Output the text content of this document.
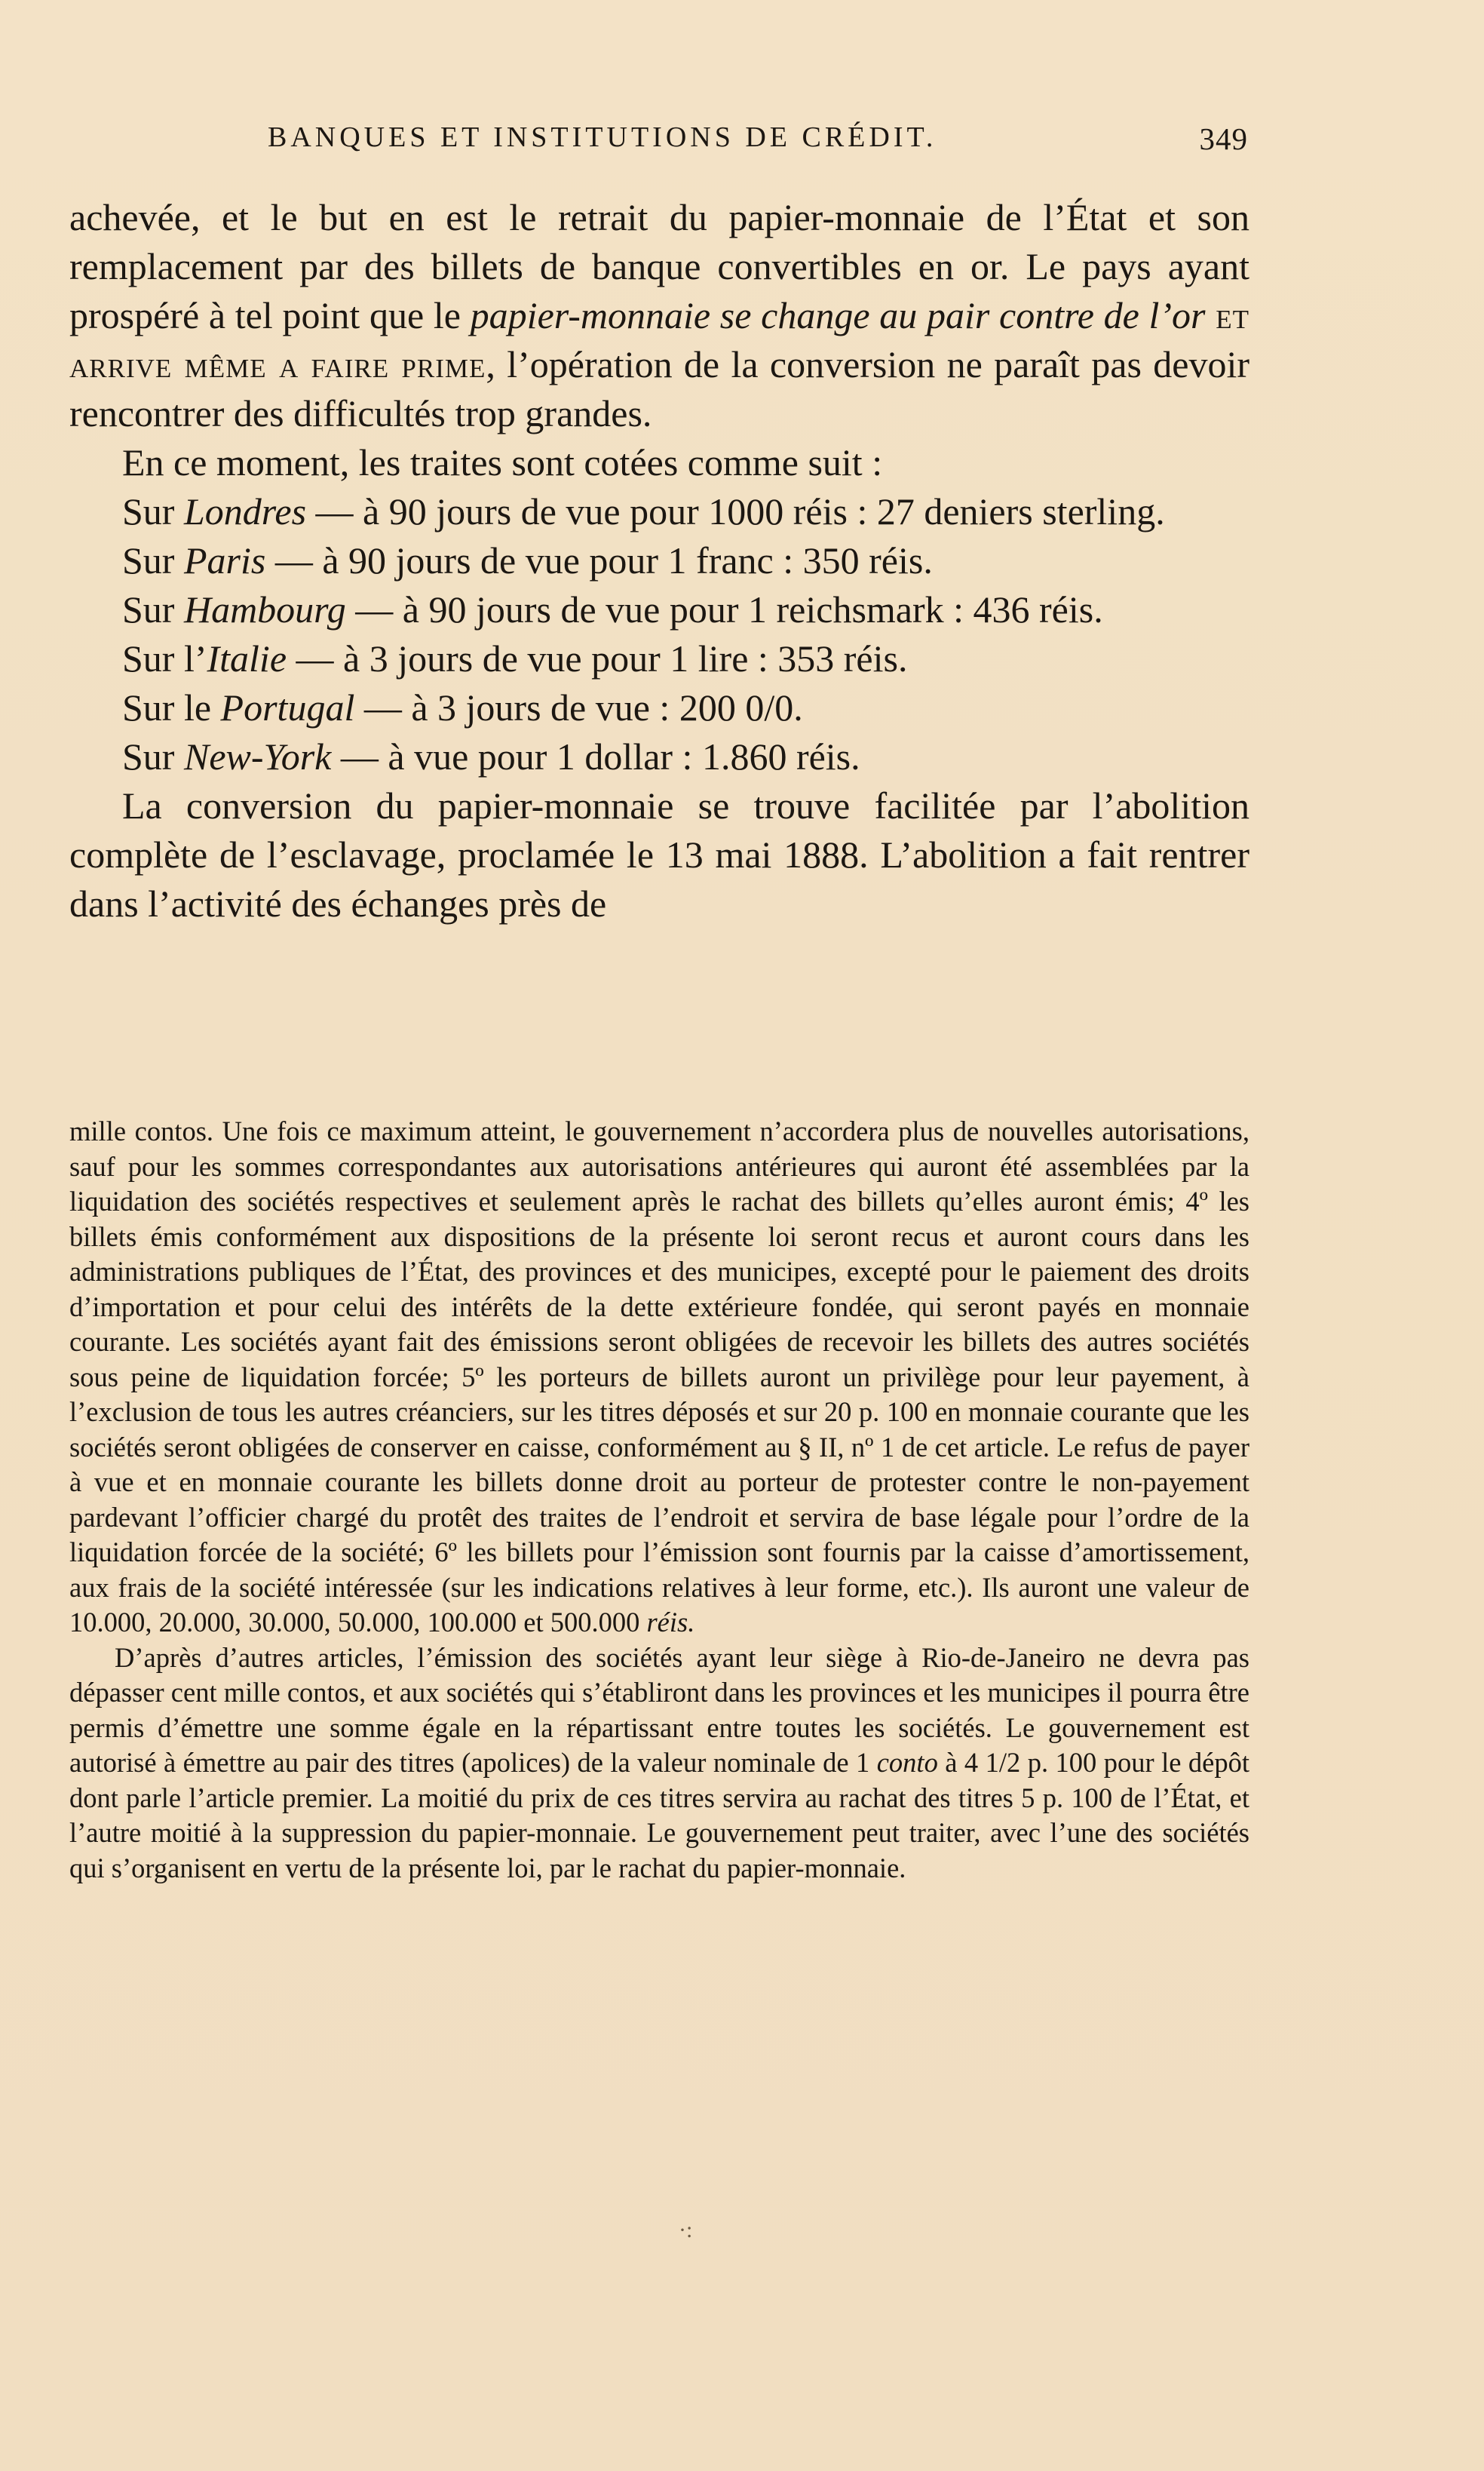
BANQUES ET INSTITUTIONS DE CRÉDIT.	349

achevée, et le but en est le retrait du papier-monnaie de l’État et son remplacement par des billets de banque convertibles en or. Le pays ayant prospéré à tel point que le papier-monnaie se change au pair contre de l’or et arrive même a faire prime, l’opération de la conversion ne paraît pas devoir rencontrer des difficultés trop grandes.

En ce moment, les traites sont cotées comme suit :

Sur Londres — à 90 jours de vue pour 1000 réis : 27 deniers sterling.

Sur Paris — à 90 jours de vue pour 1 franc : 350 réis.

Sur Hambourg — à 90 jours de vue pour 1 reichsmark : 436 réis.

Sur l’Italie — à 3 jours de vue pour 1 lire : 353 réis.

Sur le Portugal — à 3 jours de vue : 200 0/0.

Sur New-York — à vue pour 1 dollar : 1.860 réis.

La conversion du papier-monnaie se trouve facilitée par l’abolition complète de l’esclavage, proclamée le 13 mai 1888. L’abolition a fait rentrer dans l’activité des échanges près de

mille contos. Une fois ce maximum atteint, le gouvernement n’accordera plus de nouvelles autorisations, sauf pour les sommes correspondantes aux autorisations antérieures qui auront été assemblées par la liquidation des sociétés respectives et seulement après le rachat des billets qu’elles auront émis; 4º les billets émis conformément aux dispositions de la présente loi seront recus et auront cours dans les administrations publiques de l’État, des provinces et des municipes, excepté pour le paiement des droits d’importation et pour celui des intérêts de la dette extérieure fondée, qui seront payés en monnaie courante. Les sociétés ayant fait des émissions seront obligées de recevoir les billets des autres sociétés sous peine de liquidation forcée; 5º les porteurs de billets auront un privilège pour leur payement, à l’exclusion de tous les autres créanciers, sur les titres déposés et sur 20 p. 100 en monnaie courante que les sociétés seront obligées de conserver en caisse, conformément au § II, nº 1 de cet article. Le refus de payer à vue et en monnaie courante les billets donne droit au porteur de protester contre le non-payement pardevant l’officier chargé du protêt des traites de l’endroit et servira de base légale pour l’ordre de la liquidation forcée de la société; 6º les billets pour l’émission sont fournis par la caisse d’amortissement, aux frais de la société intéressée (sur les indications relatives à leur forme, etc.). Ils auront une valeur de 10.000, 20.000, 30.000, 50.000, 100.000 et 500.000 réis.

D’après d’autres articles, l’émission des sociétés ayant leur siège à Rio-de-Janeiro ne devra pas dépasser cent mille contos, et aux sociétés qui s’établiront dans les provinces et les municipes il pourra être permis d’émettre une somme égale en la répartissant entre toutes les sociétés. Le gouvernement est autorisé à émettre au pair des titres (apolices) de la valeur nominale de 1 conto à 4 1/2 p. 100 pour le dépôt dont parle l’article premier. La moitié du prix de ces titres servira au rachat des titres 5 p. 100 de l’État, et l’autre moitié à la suppression du papier-monnaie. Le gouvernement peut traiter, avec l’une des sociétés qui s’organisent en vertu de la présente loi, par le rachat du papier-monnaie.

·:
